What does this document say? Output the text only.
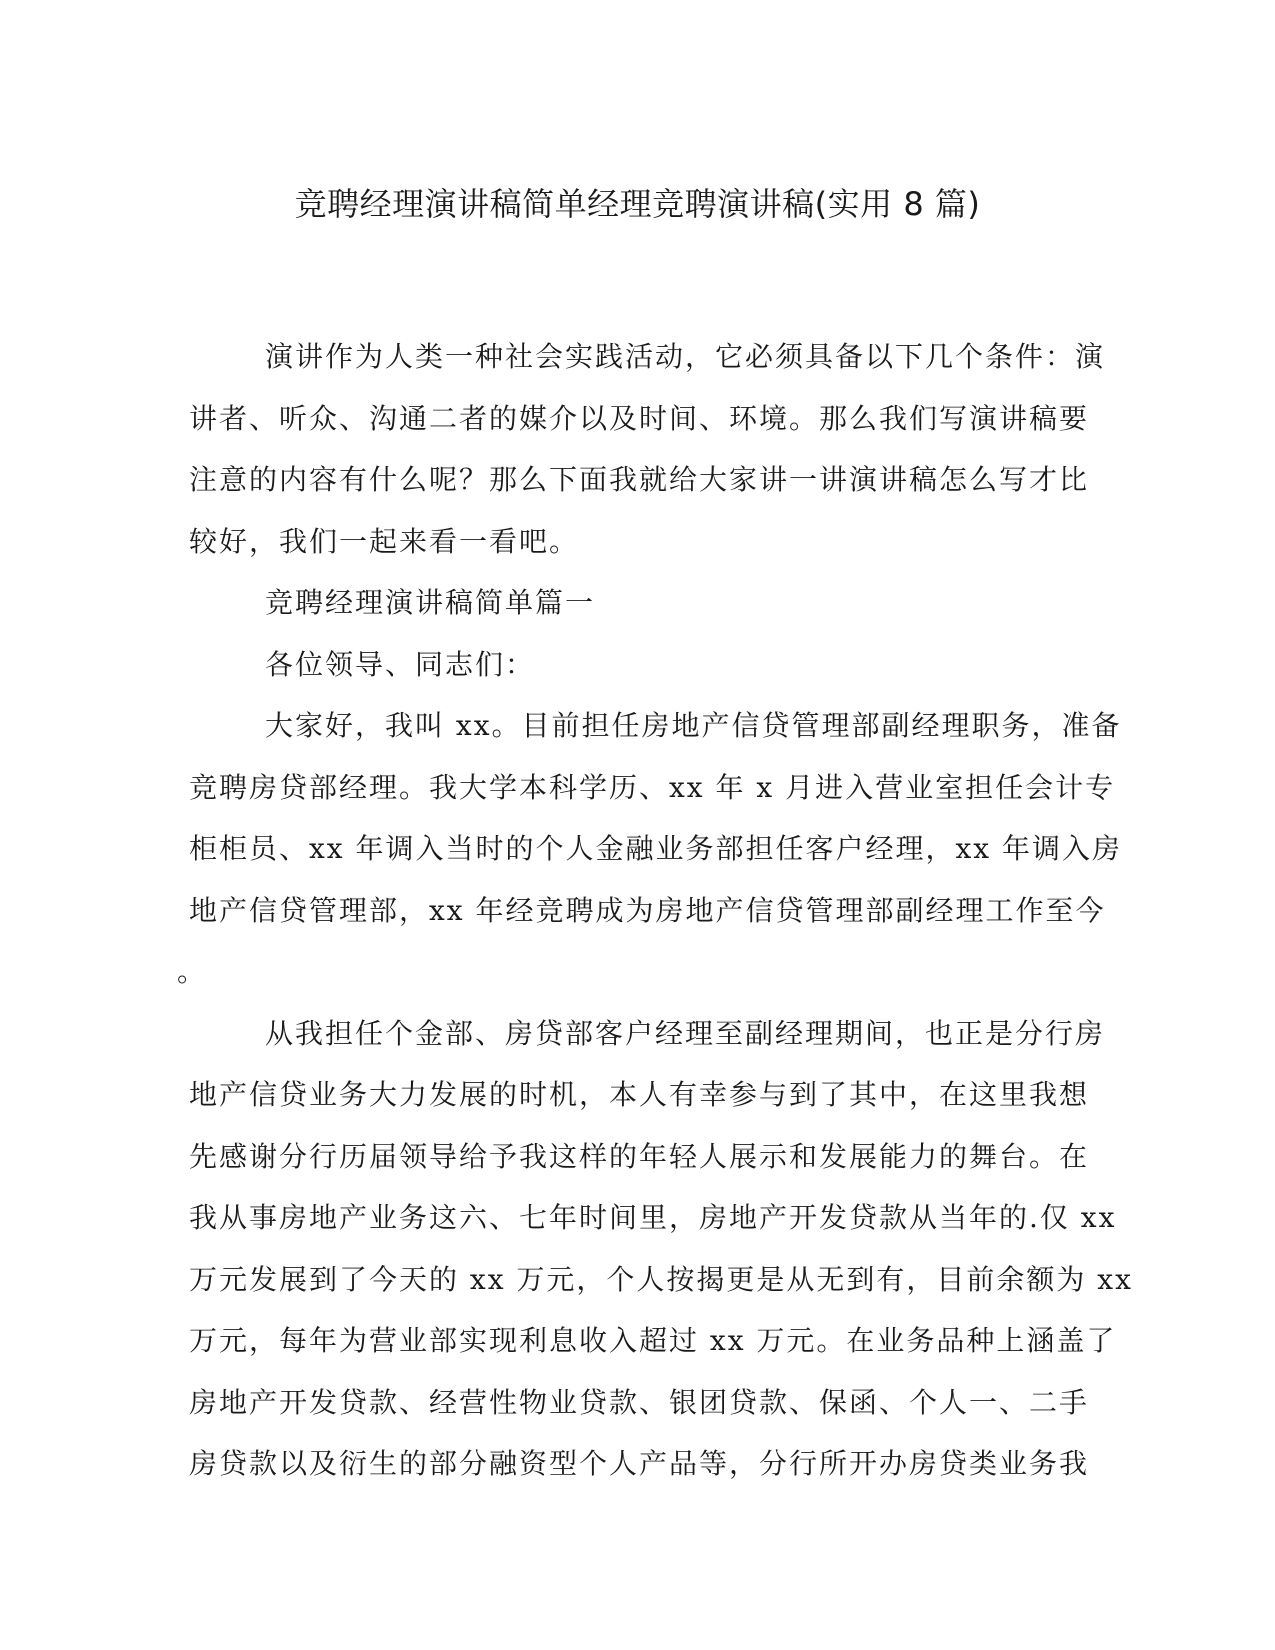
竞聘经理演讲稿简单经理竞聘演讲稿(实用 8 篇)

演讲作为人类一种社会实践活动，它必须具备以下几个条件：演
讲者、听众、沟通二者的媒介以及时间、环境。那么我们写演讲稿要
注意的内容有什么呢？那么下面我就给大家讲一讲演讲稿怎么写才比
较好，我们一起来看一看吧。

竞聘经理演讲稿简单篇一

各位领导、同志们：

大家好，我叫 xx。目前担任房地产信贷管理部副经理职务，准备
竞聘房贷部经理。我大学本科学历、xx 年 x 月进入营业室担任会计专
柜柜员、xx 年调入当时的个人金融业务部担任客户经理，xx 年调入房
地产信贷管理部，xx 年经竞聘成为房地产信贷管理部副经理工作至今
。

从我担任个金部、房贷部客户经理至副经理期间，也正是分行房
地产信贷业务大力发展的时机，本人有幸参与到了其中，在这里我想
先感谢分行历届领导给予我这样的年轻人展示和发展能力的舞台。在
我从事房地产业务这六、七年时间里，房地产开发贷款从当年的.仅 xx
万元发展到了今天的 xx 万元，个人按揭更是从无到有，目前余额为 xx
万元，每年为营业部实现利息收入超过 xx 万元。在业务品种上涵盖了
房地产开发贷款、经营性物业贷款、银团贷款、保函、个人一、二手
房贷款以及衍生的部分融资型个人产品等，分行所开办房贷类业务我
